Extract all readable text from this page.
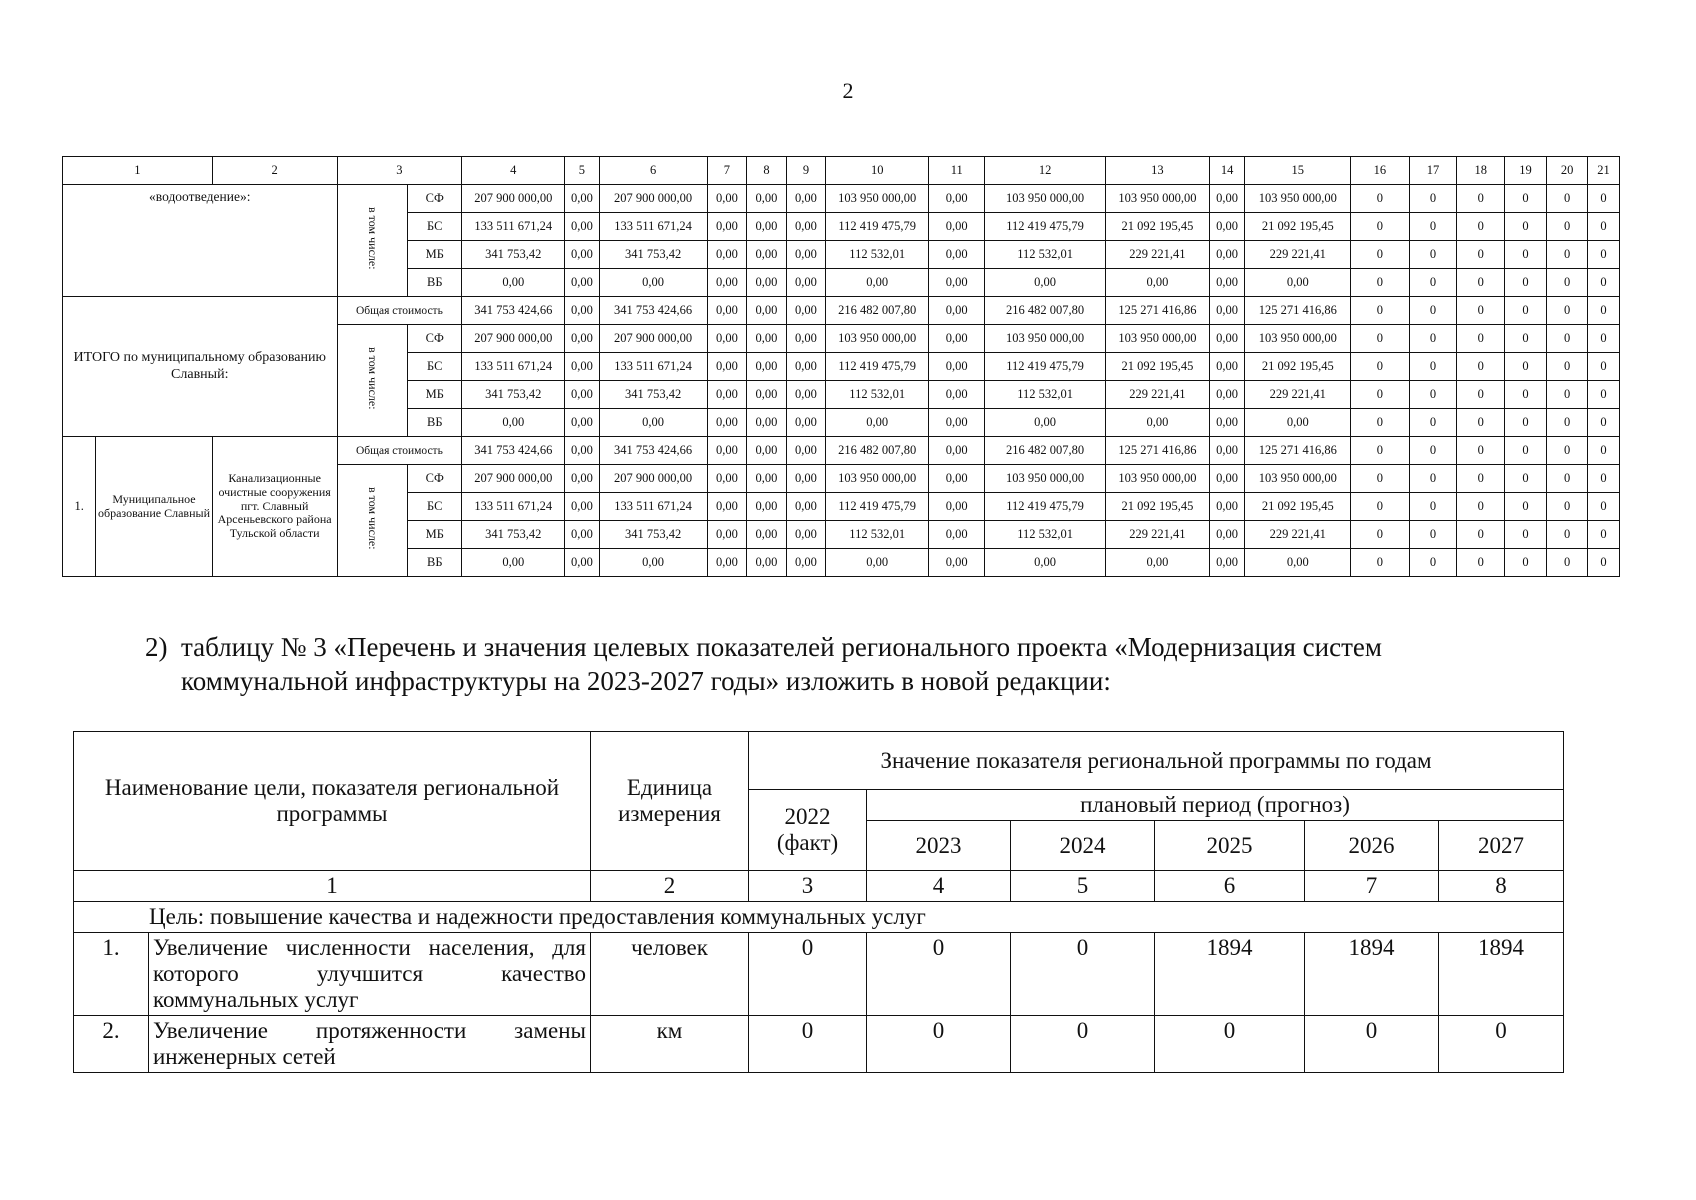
2
1		2	3		4	5	6	7	8	9	10	11	12	13	14	15	16	17	18	19	20	21
«водоотведение»:			в том числе:	СФ	207 900 000,00	0,00	207 900 000,00	0,00	0,00	0,00	103 950 000,00	0,00	103 950 000,00	103 950 000,00	0,00	103 950 000,00	0	0	0	0	0	0
				БС	133 511 671,24	0,00	133 511 671,24	0,00	0,00	0,00	112 419 475,79	0,00	112 419 475,79	21 092 195,45	0,00	21 092 195,45	0	0	0	0	0	0
				МБ	341 753,42	0,00	341 753,42	0,00	0,00	0,00	112 532,01	0,00	112 532,01	229 221,41	0,00	229 221,41	0	0	0	0	0	0
				ВБ	0,00	0,00	0,00	0,00	0,00	0,00	0,00	0,00	0,00	0,00	0,00	0,00	0	0	0	0	0	0
ИТОГО по муниципальному образованию Славный:			Общая стоимость		341 753 424,66	0,00	341 753 424,66	0,00	0,00	0,00	216 482 007,80	0,00	216 482 007,80	125 271 416,86	0,00	125 271 416,86	0	0	0	0	0	0
			в том числе:	СФ	207 900 000,00	0,00	207 900 000,00	0,00	0,00	0,00	103 950 000,00	0,00	103 950 000,00	103 950 000,00	0,00	103 950 000,00	0	0	0	0	0	0
				БС	133 511 671,24	0,00	133 511 671,24	0,00	0,00	0,00	112 419 475,79	0,00	112 419 475,79	21 092 195,45	0,00	21 092 195,45	0	0	0	0	0	0
				МБ	341 753,42	0,00	341 753,42	0,00	0,00	0,00	112 532,01	0,00	112 532,01	229 221,41	0,00	229 221,41	0	0	0	0	0	0
				ВБ	0,00	0,00	0,00	0,00	0,00	0,00	0,00	0,00	0,00	0,00	0,00	0,00	0	0	0	0	0	0
1.	Муниципальное образование Славный	Канализационные очистные сооружения пгт. Славный Арсеньевского района Тульской области	Общая стоимость		341 753 424,66	0,00	341 753 424,66	0,00	0,00	0,00	216 482 007,80	0,00	216 482 007,80	125 271 416,86	0,00	125 271 416,86	0	0	0	0	0	0
			в том числе:	СФ	207 900 000,00	0,00	207 900 000,00	0,00	0,00	0,00	103 950 000,00	0,00	103 950 000,00	103 950 000,00	0,00	103 950 000,00	0	0	0	0	0	0
				БС	133 511 671,24	0,00	133 511 671,24	0,00	0,00	0,00	112 419 475,79	0,00	112 419 475,79	21 092 195,45	0,00	21 092 195,45	0	0	0	0	0	0
				МБ	341 753,42	0,00	341 753,42	0,00	0,00	0,00	112 532,01	0,00	112 532,01	229 221,41	0,00	229 221,41	0	0	0	0	0	0
				ВБ	0,00	0,00	0,00	0,00	0,00	0,00	0,00	0,00	0,00	0,00	0,00	0,00	0	0	0	0	0	0
2) таблицу № 3 «Перечень и значения целевых показателей регионального проекта «Модернизация систем
коммунальной инфраструктуры на 2023-2027 годы» изложить в новой редакции:
Наименование цели, показателя региональной программы		Единица измерения	Значение показателя региональной программы по годам					
			2022 (факт)	плановый период (прогноз)				
				2023	2024	2025	2026	2027
1		2	3	4	5	6	7	8
Цель: повышение качества и надежности предоставления коммунальных услуг								
1.	Увеличение численности населения, для которого улучшится качество коммунальных услуг	человек	0	0	0	1894	1894	1894
2.	Увеличение протяженности замены инженерных сетей	км	0	0	0	0	0	0
